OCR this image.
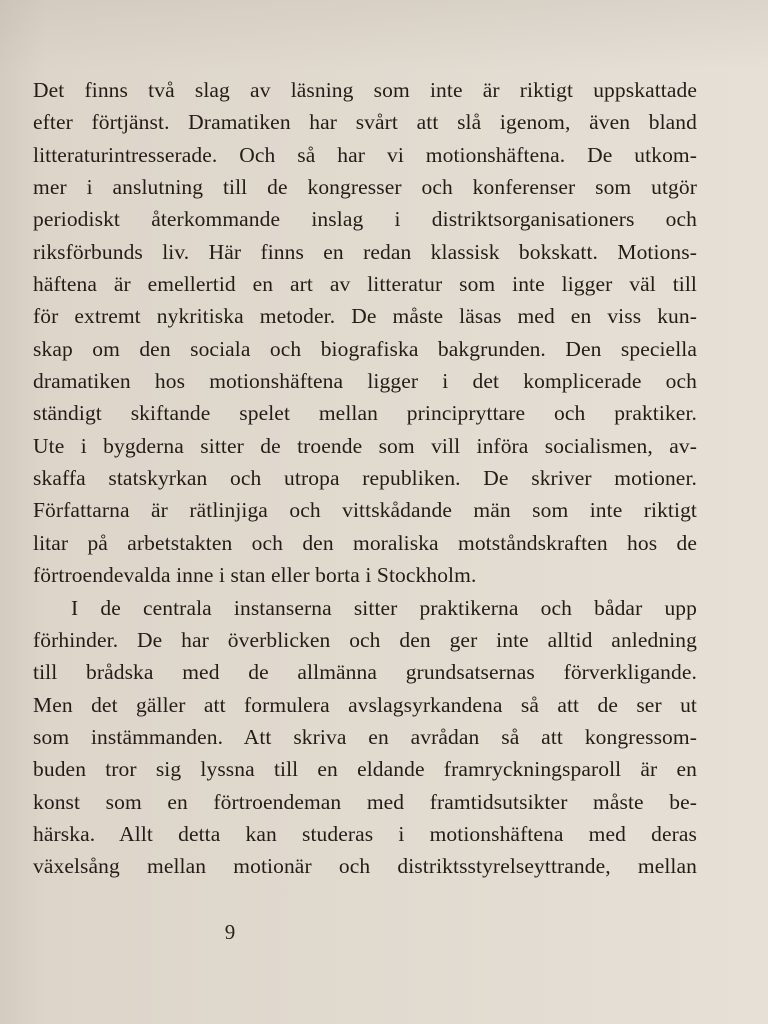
Det finns två slag av läsning som inte är riktigt uppskattade
efter förtjänst. Dramatiken har svårt att slå igenom, även bland
litteraturintresserade. Och så har vi motionshäftena. De utkom-
mer i anslutning till de kongresser och konferenser som utgör
periodiskt återkommande inslag i distriktsorganisationers och
riksförbunds liv. Här finns en redan klassisk bokskatt. Motions-
häftena är emellertid en art av litteratur som inte ligger väl till
för extremt nykritiska metoder. De måste läsas med en viss kun-
skap om den sociala och biografiska bakgrunden. Den speciella
dramatiken hos motionshäftena ligger i det komplicerade och
ständigt skiftande spelet mellan principryttare och praktiker.
Ute i bygderna sitter de troende som vill införa socialismen, av-
skaffa statskyrkan och utropa republiken. De skriver motioner.
Författarna är rätlinjiga och vittskådande män som inte riktigt
litar på arbetstakten och den moraliska motståndskraften hos de
förtroendevalda inne i stan eller borta i Stockholm.
I de centrala instanserna sitter praktikerna och bådar upp
förhinder. De har överblicken och den ger inte alltid anledning
till brådska med de allmänna grundsatsernas förverkligande.
Men det gäller att formulera avslagsyrkandena så att de ser ut
som instämmanden. Att skriva en avrådan så att kongressom-
buden tror sig lyssna till en eldande framryckningsparoll är en
konst som en förtroendeman med framtidsutsikter måste be-
härska. Allt detta kan studeras i motionshäftena med deras
växelsång mellan motionär och distriktsstyrelseyttrande, mellan
9
